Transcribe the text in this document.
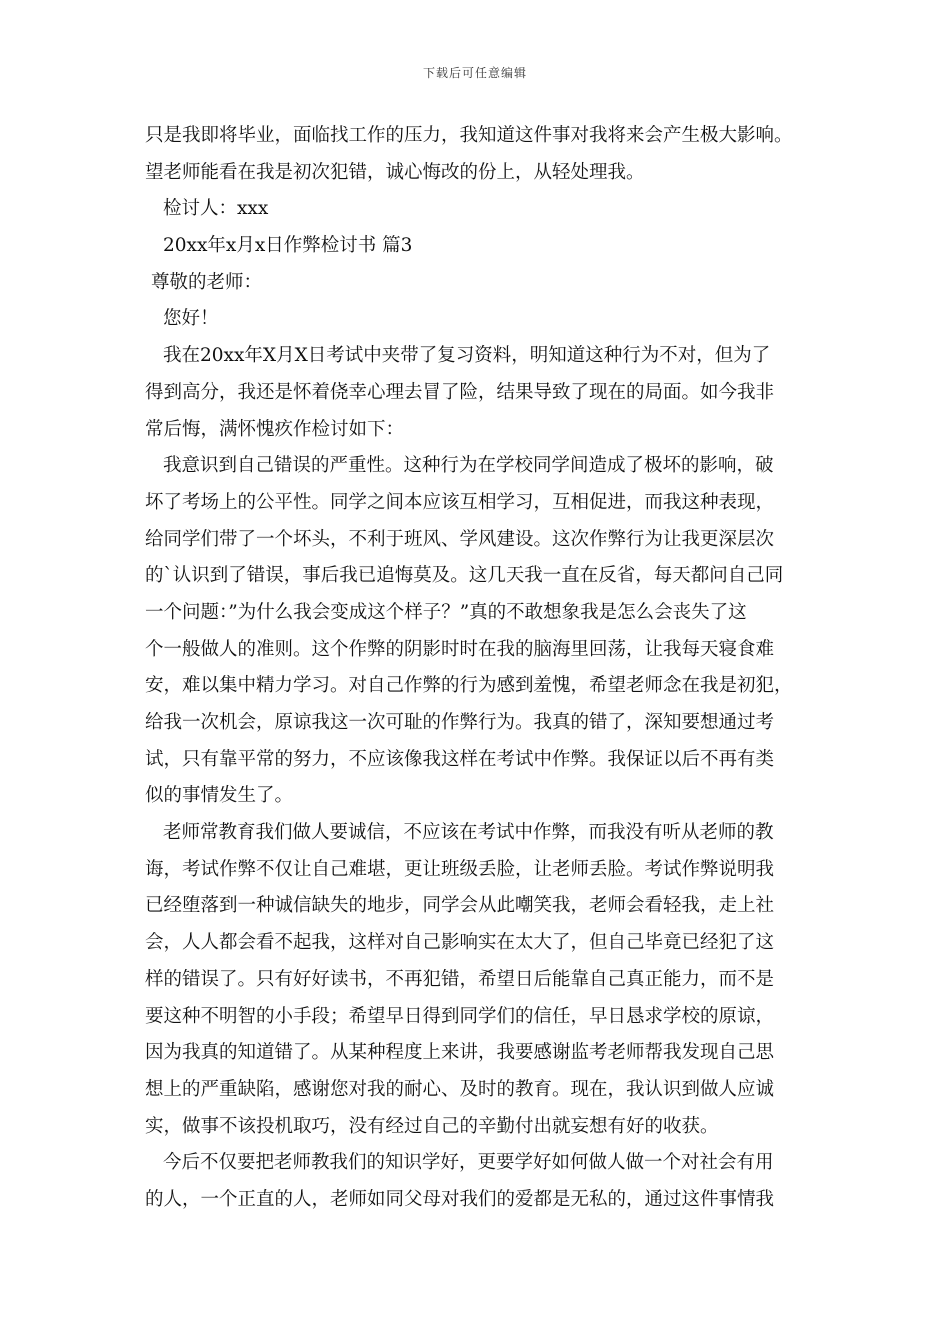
下载后可任意编辑
只是我即将毕业，面临找工作的压力，我知道这件事对我将来会产生极大影响。
望老师能看在我是初次犯错，诚心悔改的份上，从轻处理我。
检讨人：xxx
20xx年x月x日作弊检讨书 篇3
尊敬的老师：
您好！
我在20xx年X月X日考试中夹带了复习资料，明知道这种行为不对，但为了
得到高分，我还是怀着侥幸心理去冒了险，结果导致了现在的局面。如今我非
常后悔，满怀愧疚作检讨如下：
我意识到自己错误的严重性。这种行为在学校同学间造成了极坏的影响，破
坏了考场上的公平性。同学之间本应该互相学习，互相促进，而我这种表现，
给同学们带了一个坏头，不利于班风、学风建设。这次作弊行为让我更深层次
的`认识到了错误，事后我已追悔莫及。这几天我一直在反省，每天都问自己同
一个问题：”为什么我会变成这个样子？”真的不敢想象我是怎么会丧失了这
个一般做人的准则。这个作弊的阴影时时在我的脑海里回荡，让我每天寝食难
安，难以集中精力学习。对自己作弊的行为感到羞愧，希望老师念在我是初犯，
给我一次机会，原谅我这一次可耻的作弊行为。我真的错了，深知要想通过考
试，只有靠平常的努力，不应该像我这样在考试中作弊。我保证以后不再有类
似的事情发生了。
老师常教育我们做人要诚信，不应该在考试中作弊，而我没有听从老师的教
诲，考试作弊不仅让自己难堪，更让班级丢脸，让老师丢脸。考试作弊说明我
已经堕落到一种诚信缺失的地步，同学会从此嘲笑我，老师会看轻我，走上社
会，人人都会看不起我，这样对自己影响实在太大了，但自己毕竟已经犯了这
样的错误了。只有好好读书，不再犯错，希望日后能靠自己真正能力，而不是
要这种不明智的小手段；希望早日得到同学们的信任，早日恳求学校的原谅，
因为我真的知道错了。从某种程度上来讲，我要感谢监考老师帮我发现自己思
想上的严重缺陷，感谢您对我的耐心、及时的教育。现在，我认识到做人应诚
实，做事不该投机取巧，没有经过自己的辛勤付出就妄想有好的收获。
今后不仅要把老师教我们的知识学好，更要学好如何做人做一个对社会有用
的人，一个正直的人，老师如同父母对我们的爱都是无私的，通过这件事情我
